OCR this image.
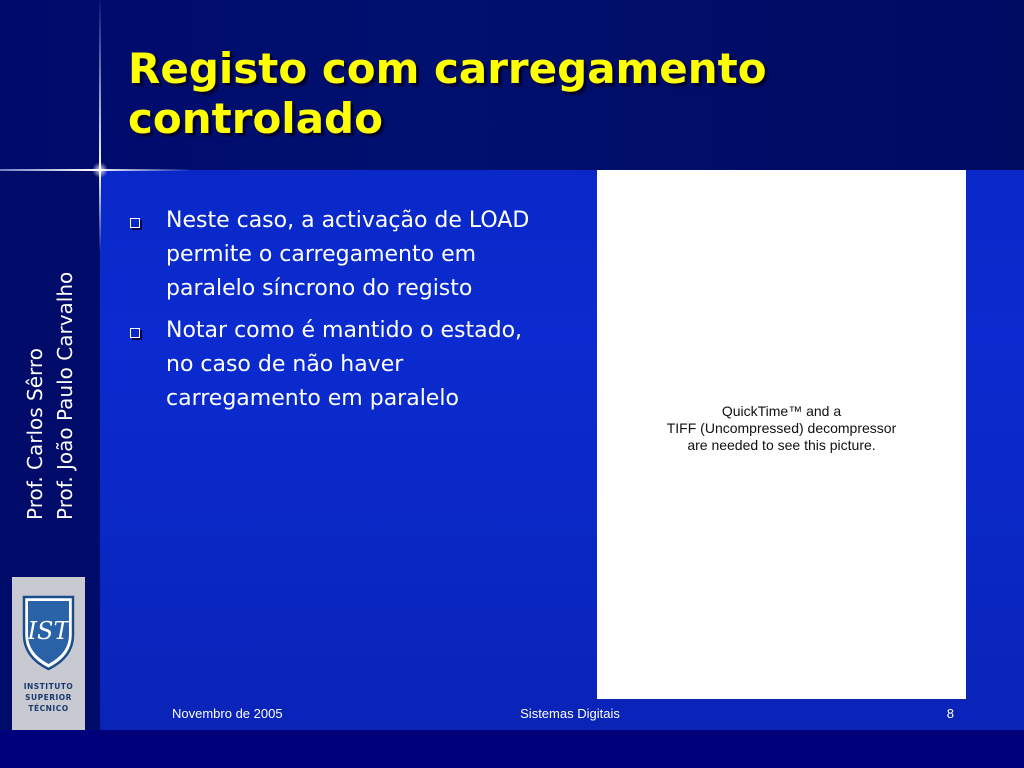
Registo com carregamento controlado
Prof. Carlos Sêrro Prof. João Paulo Carvalho
Neste caso, a activação de LOAD permite o carregamento em paralelo síncrono do registo
Notar como é mantido o estado, no caso de não haver carregamento em paralelo	QuickTime™ and a
TIFF (Uncompressed) decompressor
are needed to see this picture.
IST
INSTITUTO
SUPERIOR
TÉCNICO	Novembro de 2005	Sistemas Digitais	8
